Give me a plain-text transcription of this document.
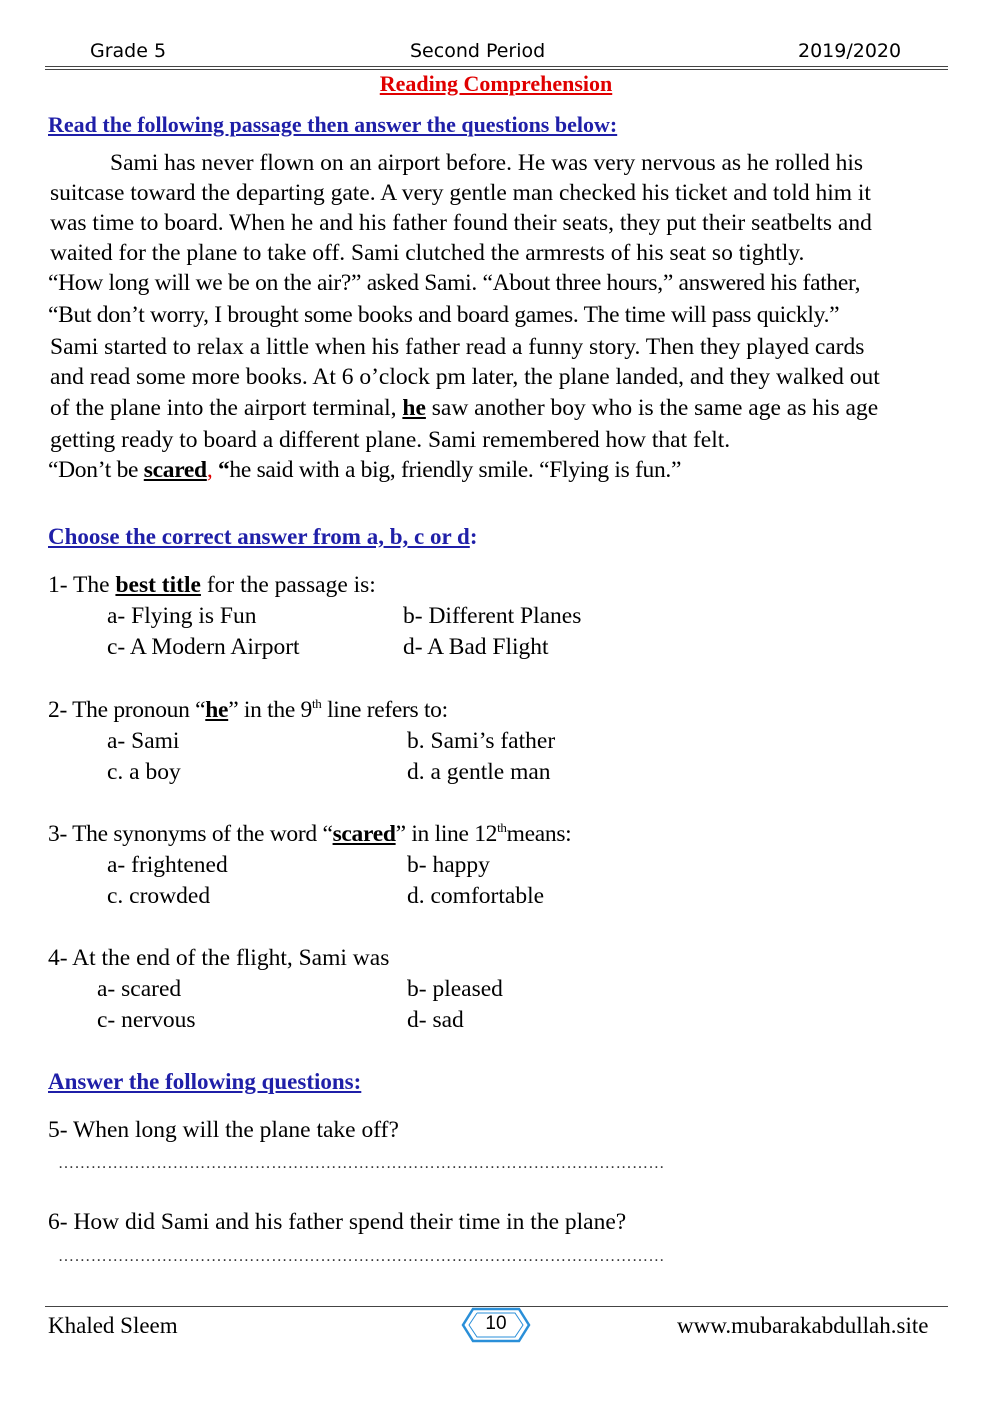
Grade 5	Second Period	2019/2020
Reading Comprehension
Read the following passage then answer the questions below:
Sami has never flown on an airport before. He was very nervous as he rolled his
suitcase toward the departing gate. A very gentle man checked his ticket and told him it
was time to board. When he and his father found their seats, they put their seatbelts and
waited for the plane to take off. Sami clutched the armrests of his seat so tightly.
“How long will we be on the air?” asked Sami. “About three hours,” answered his father,
“But don’t worry, I brought some books and board games. The time will pass quickly.”
Sami started to relax a little when his father read a funny story. Then they played cards
and read some more books. At 6 o’clock pm later, the plane landed, and they walked out
of the plane into the airport terminal, he saw another boy who is the same age as his age
getting ready to board a different plane. Sami remembered how that felt.
“Don’t be scared, “he said with a big, friendly smile. “Flying is fun.”
Choose the correct answer from a, b, c or d:
1- The best title for the passage is:
a- Flying is Fun	b- Different Planes
c- A Modern Airport	d- A Bad Flight
2- The pronoun “he” in the 9th line refers to:
a- Sami	b. Sami’s father
c. a boy	d. a gentle man
3- The synonyms of the word “scared” in line 12thmeans:
a- frightened	b- happy
c. crowded	d. comfortable
4- At the end of the flight, Sami was
a- scared	b- pleased
c- nervous	d- sad
Answer the following questions:
5- When long will the plane take off?
…………………………………………………………………………………………………
6- How did Sami and his father spend their time in the plane?
…………………………………………………………………………………………………
Khaled Sleem	10	www.mubarakabdullah.site
